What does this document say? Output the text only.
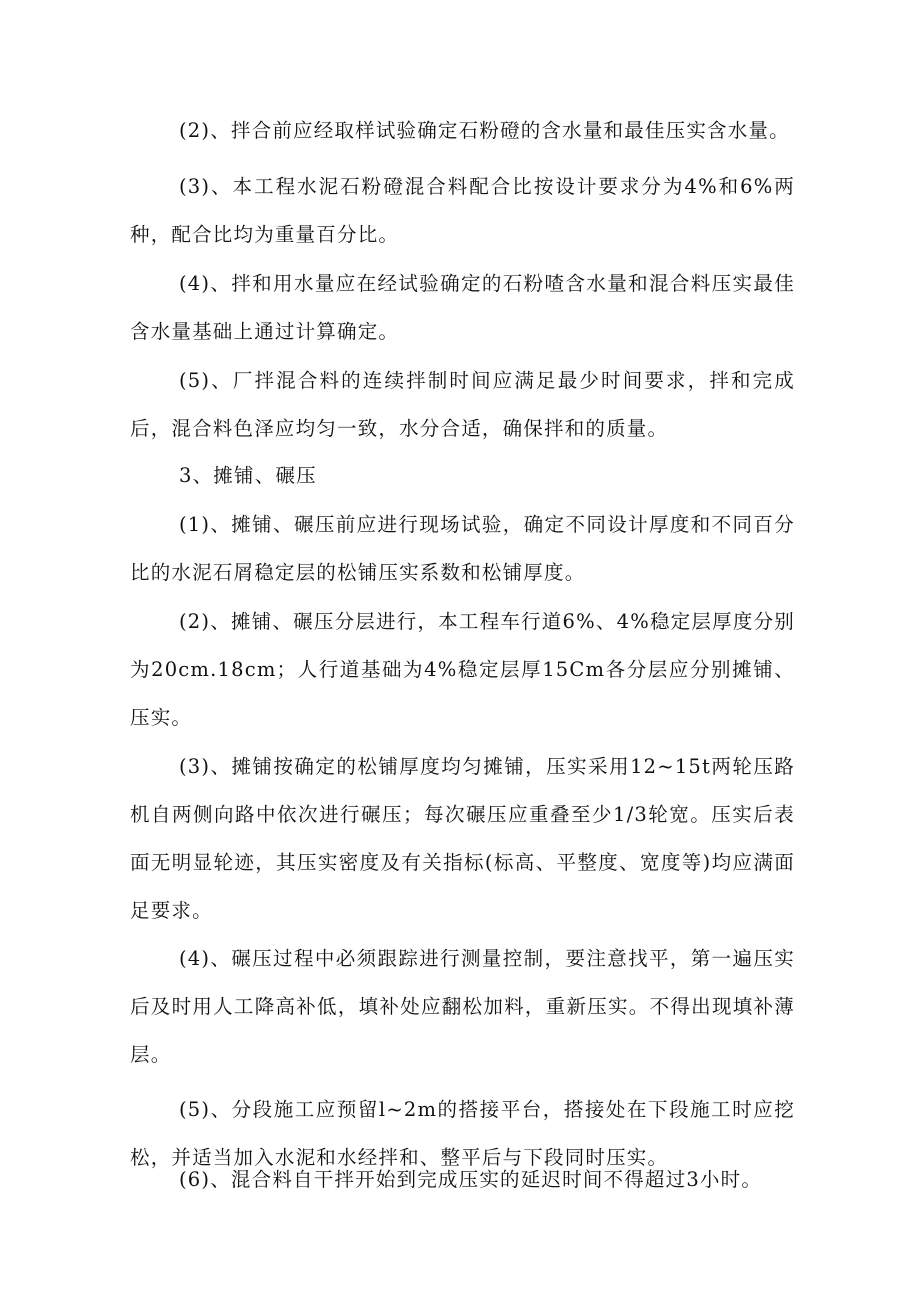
(2)、拌合前应经取样试验确定石粉磴的含水量和最佳压实含水量。

(3)、本工程水泥石粉磴混合料配合比按设计要求分为4%和6%两种，配合比均为重量百分比。

(4)、拌和用水量应在经试验确定的石粉喳含水量和混合料压实最佳含水量基础上通过计算确定。

(5)、厂拌混合料的连续拌制时间应满足最少时间要求，拌和完成后，混合料色泽应均匀一致，水分合适，确保拌和的质量。

3、摊铺、碾压

(1)、摊铺、碾压前应进行现场试验，确定不同设计厚度和不同百分比的水泥石屑稳定层的松铺压实系数和松铺厚度。

(2)、摊铺、碾压分层进行，本工程车行道6%、4%稳定层厚度分别为20cm.18cm；人行道基础为4%稳定层厚15Cm各分层应分别摊铺、压实。

(3)、摊铺按确定的松铺厚度均匀摊铺，压实采用12~15t两轮压路机自两侧向路中依次进行碾压；每次碾压应重叠至少1/3轮宽。压实后表面无明显轮迹，其压实密度及有关指标(标高、平整度、宽度等)均应满面足要求。

(4)、碾压过程中必须跟踪进行测量控制，要注意找平，第一遍压实后及时用人工降高补低，填补处应翻松加料，重新压实。不得出现填补薄层。

(5)、分段施工应预留l~2m的搭接平台，搭接处在下段施工时应挖松，并适当加入水泥和水经拌和、整平后与下段同时压实。

(6)、混合料自干拌开始到完成压实的延迟时间不得超过3小时。
